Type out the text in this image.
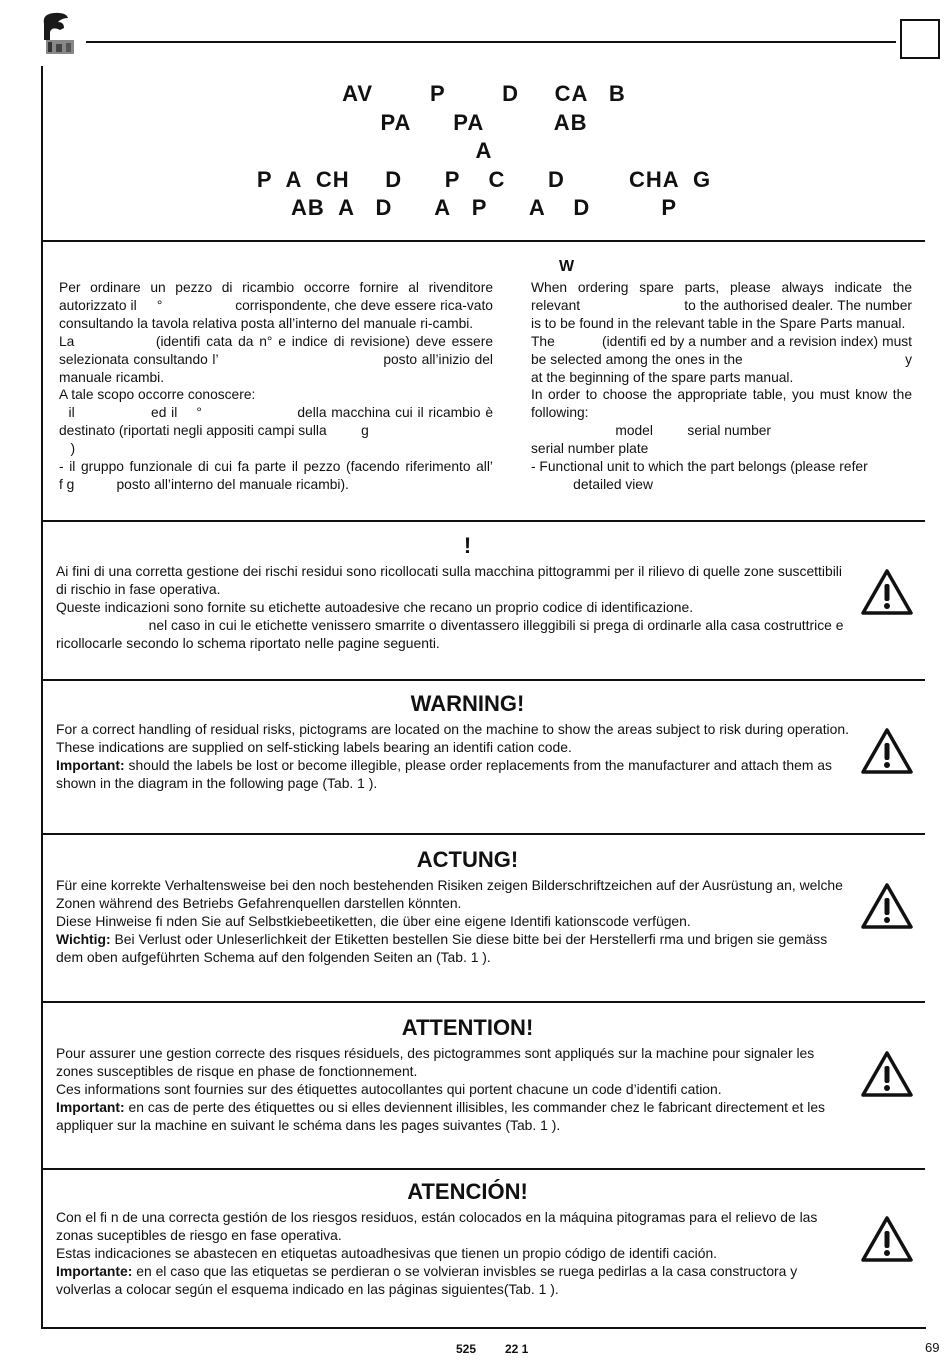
AV        P        D     CA   B
PA      PA          AB
A
P  A  CH     D      P    C      D         CHA  G
AB  A   D      A   P      A    D          P
W

Per ordinare un pezzo di ricambio occorre fornire al rivenditore autorizzato il     °                  corrispondente, che deve essere rica-vato consultando la tavola relativa posta all’interno del manuale ri-cambi.

La              (identifi cata da n° e indice di revisione) deve essere selezionata consultando l’                                    posto all’inizio del manuale ricambi.

A tale scopo occorre conoscere:

il                ed il    °                    della macchina cui il ricambio è destinato (riportati negli appositi campi sulla         g

)

- il gruppo funzionale di cui fa parte il pezzo (facendo riferimento all’            f g           posto all’interno del manuale ricambi).

When ordering spare parts, please always indicate the relevant                         to the authorised dealer. The number is to be found in the relevant table in the Spare Parts manual.

The            (identifi ed by a number and a revision index) must be selected among the ones in the                                         y at the beginning of the spare parts manual.

In order to choose the appropriate table, you must know the following:

model         serial number

serial number plate

- Functional unit to which the part belongs (please refer

detailed view

!

Ai fini di una corretta gestione dei rischi residui sono ricollocati sulla macchina pittogrammi per il rilievo di quelle zone suscettibili di rischio in fase operativa.

Queste indicazioni sono fornite su etichette autoadesive che recano un proprio codice di identificazione.

nel caso in cui le etichette venissero smarrite o diventassero illeggibili si prega di ordinarle alla casa costruttrice e ricollocarle secondo lo schema riportato nelle pagine seguenti.

WARNING!

For a correct handling of residual risks, pictograms are located on the machine to show the areas subject to risk during operation.

These indications are supplied on self-sticking labels bearing an identifi cation code.

Important: should the labels be lost or become illegible, please order replacements from the manufacturer and attach them as shown in the diagram in the following page (Tab. 1 ).

ACTUNG!

Für eine korrekte Verhaltensweise bei den noch bestehenden Risiken zeigen Bilderschriftzeichen auf der Ausrüstung an, welche Zonen während des Betriebs Gefahrenquellen darstellen könnten.

Diese Hinweise fi nden Sie auf Selbstkiebeetiketten, die über eine eigene Identifi kationscode verfügen.

Wichtig: Bei Verlust oder Unleserlichkeit der Etiketten bestellen Sie diese bitte bei der Herstellerfi rma und brigen sie gemäss dem oben aufgeführten Schema auf den folgenden Seiten an (Tab. 1 ).

ATTENTION!

Pour assurer une gestion correcte des risques résiduels, des pictogrammes sont appliqués sur la machine pour signaler les zones susceptibles de risque en phase de fonctionnement.

Ces informations sont fournies sur des étiquettes autocollantes qui portent chacune un code d’identifi cation.

Important: en cas de perte des étiquettes ou si elles deviennent illisibles, les commander chez le fabricant directement et les appliquer sur la machine en suivant le schéma dans les pages suivantes (Tab. 1 ).

ATENCIÓN!

Con el fi n de una correcta gestión de los riesgos residuos, están colocados en la máquina pitogramas para el relievo de las zonas suceptibles de riesgo en fase operativa.

Estas indicaciones se abastecen en etiquetas autoadhesivas que tienen un propio código de identifi cación.

Importante: en el caso que las etiquetas se perdieran o se volvieran invisbles se ruega pedirlas a la casa constructora y volverlas a colocar según el esquema indicado en las páginas siguientes(Tab. 1 ).

525 22 1	69
